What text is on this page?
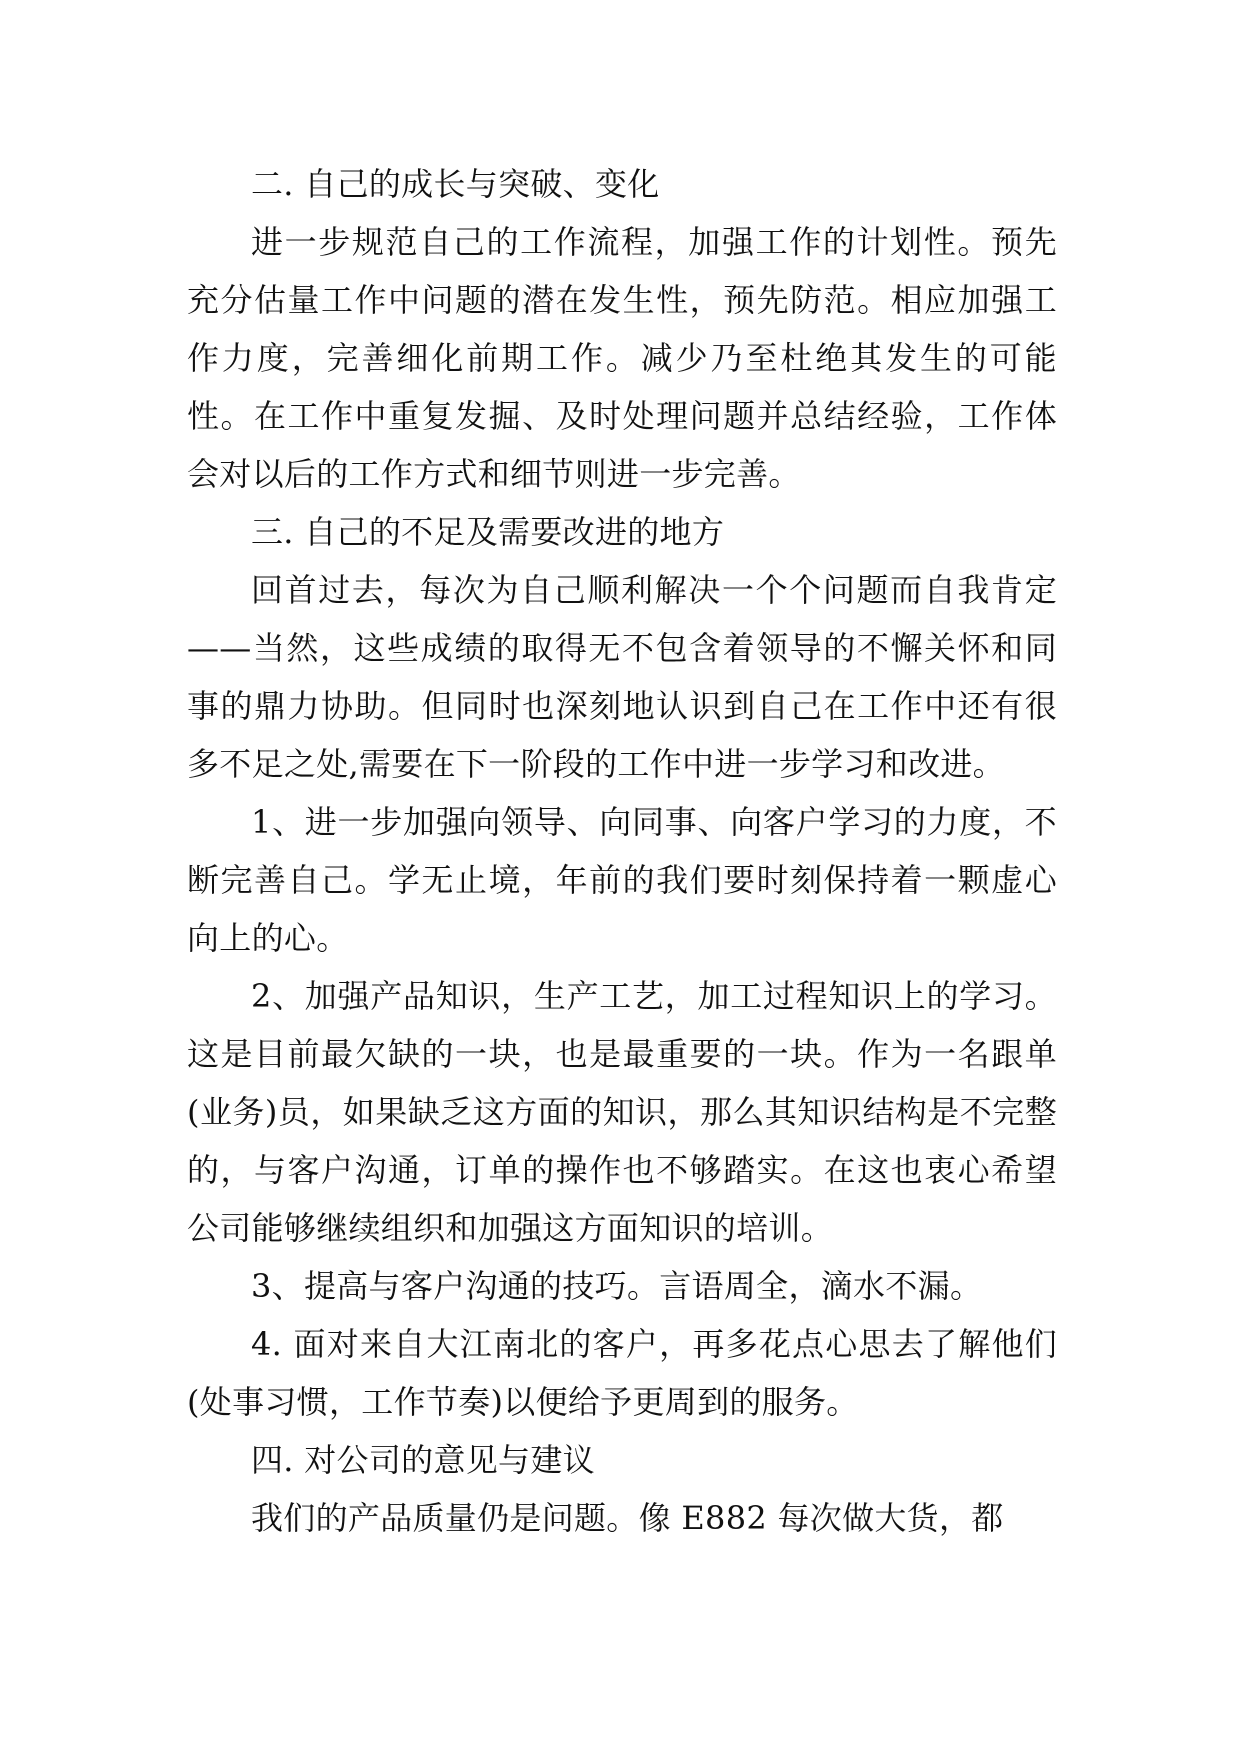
二. 自己的成长与突破、变化

进一步规范自己的工作流程，加强工作的计划性。预先充分估量工作中问题的潜在发生性，预先防范。相应加强工作力度，完善细化前期工作。减少乃至杜绝其发生的可能性。在工作中重复发掘、及时处理问题并总结经验，工作体会对以后的工作方式和细节则进一步完善。

三. 自己的不足及需要改进的地方

回首过去，每次为自己顺利解决一个个问题而自我肯定——当然，这些成绩的取得无不包含着领导的不懈关怀和同事的鼎力协助。但同时也深刻地认识到自己在工作中还有很多不足之处,需要在下一阶段的工作中进一步学习和改进。

1、进一步加强向领导、向同事、向客户学习的力度，不断完善自己。学无止境，年前的我们要时刻保持着一颗虚心向上的心。

2、加强产品知识，生产工艺，加工过程知识上的学习。这是目前最欠缺的一块，也是最重要的一块。作为一名跟单(业务)员，如果缺乏这方面的知识，那么其知识结构是不完整的，与客户沟通，订单的操作也不够踏实。在这也衷心希望公司能够继续组织和加强这方面知识的培训。

3、提高与客户沟通的技巧。言语周全，滴水不漏。

4. 面对来自大江南北的客户，再多花点心思去了解他们(处事习惯，工作节奏)以便给予更周到的服务。

四. 对公司的意见与建议

我们的产品质量仍是问题。像 E882 每次做大货，都
